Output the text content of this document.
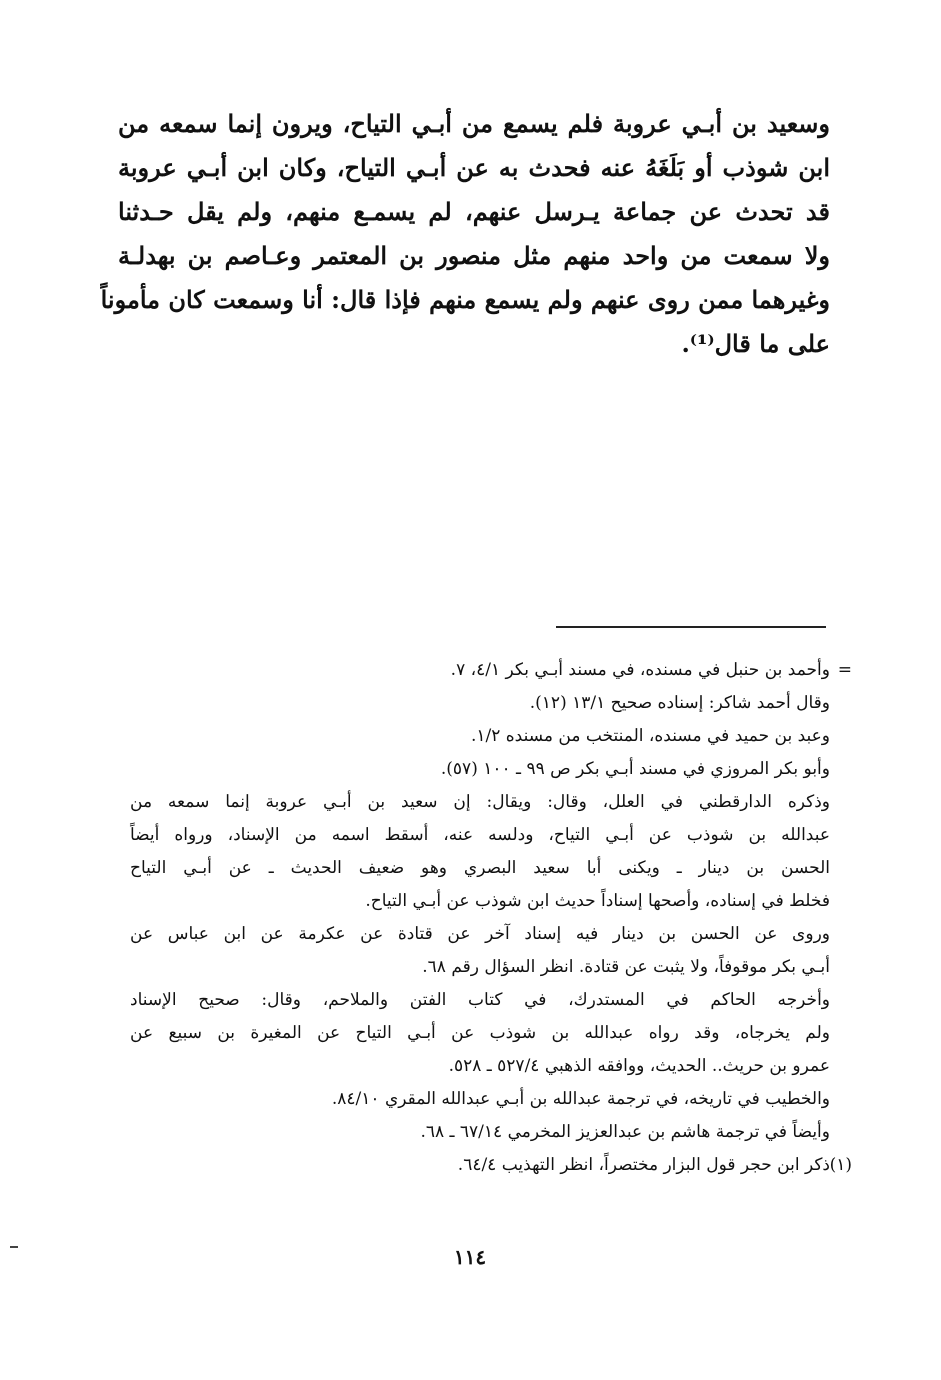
وسعيد بن أبـي عروبة فلم يسمع من أبـي التياح، ويرون إنما سمعه من
ابن شوذب أو بَلَغَهُ عنه فحدث به عن أبـي التياح، وكان ابن أبـي عروبة
قد تحدث عن جماعة يـرسل عنهم، لم يسمـع منهم، ولم يقل حـدثنا
ولا سمعت من واحد منهم مثل منصور بن المعتمر وعـاصم بن بهدلـة
وغيرهما ممن روى عنهم ولم يسمع منهم فإذا قال: أنا وسمعت كان مأموناً
على ما قال⁽¹⁾.
=
وأحمد بن حنبل في مسنده، في مسند أبـي بكر ٤/١، ٧.
وقال أحمد شاكر: إسناده صحيح ١٣/١ (١٢).
وعبد بن حميد في مسنده، المنتخب من مسنده ١/٢.
وأبو بكر المروزي في مسند أبـي بكر ص ٩٩ ـ ١٠٠ (٥٧).
وذكره الدارقطني في العلل، وقال: ويقال: إن سعيد بن أبـي عروبة إنما سمعه من
عبدالله بن شوذب عن أبـي التياح، ودلسه عنه، أسقط اسمه من الإسناد، ورواه أيضاً
الحسن بن دينار ـ ويكنى أبا سعيد البصري وهو ضعيف الحديث ـ عن أبـي التياح
فخلط في إسناده، وأصحها إسناداً حديث ابن شوذب عن أبـي التياح.
وروى عن الحسن بن دينار فيه إسناد آخر عن قتادة عن عكرمة عن ابن عباس عن
أبـي بكر موقوفاً، ولا يثبت عن قتادة. انظر السؤال رقم ٦٨.
وأخرجه الحاكم في المستدرك، في كتاب الفتن والملاحم، وقال: صحيح الإسناد
ولم يخرجاه، وقد رواه عبدالله بن شوذب عن أبـي التياح عن المغيرة بن سبيع عن
عمرو بن حريث.. الحديث، ووافقه الذهبي ٥٢٧/٤ ـ ٥٢٨.
والخطيب في تاريخه، في ترجمة عبدالله بن أبـي عبدالله المقري ٨٤/١٠.
وأيضاً في ترجمة هاشم بن عبدالعزيز المخرمي ٦٧/١٤ ـ ٦٨.
(١)
ذكر ابن حجر قول البزار مختصراً، انظر التهذيب ٦٤/٤.
١١٤
